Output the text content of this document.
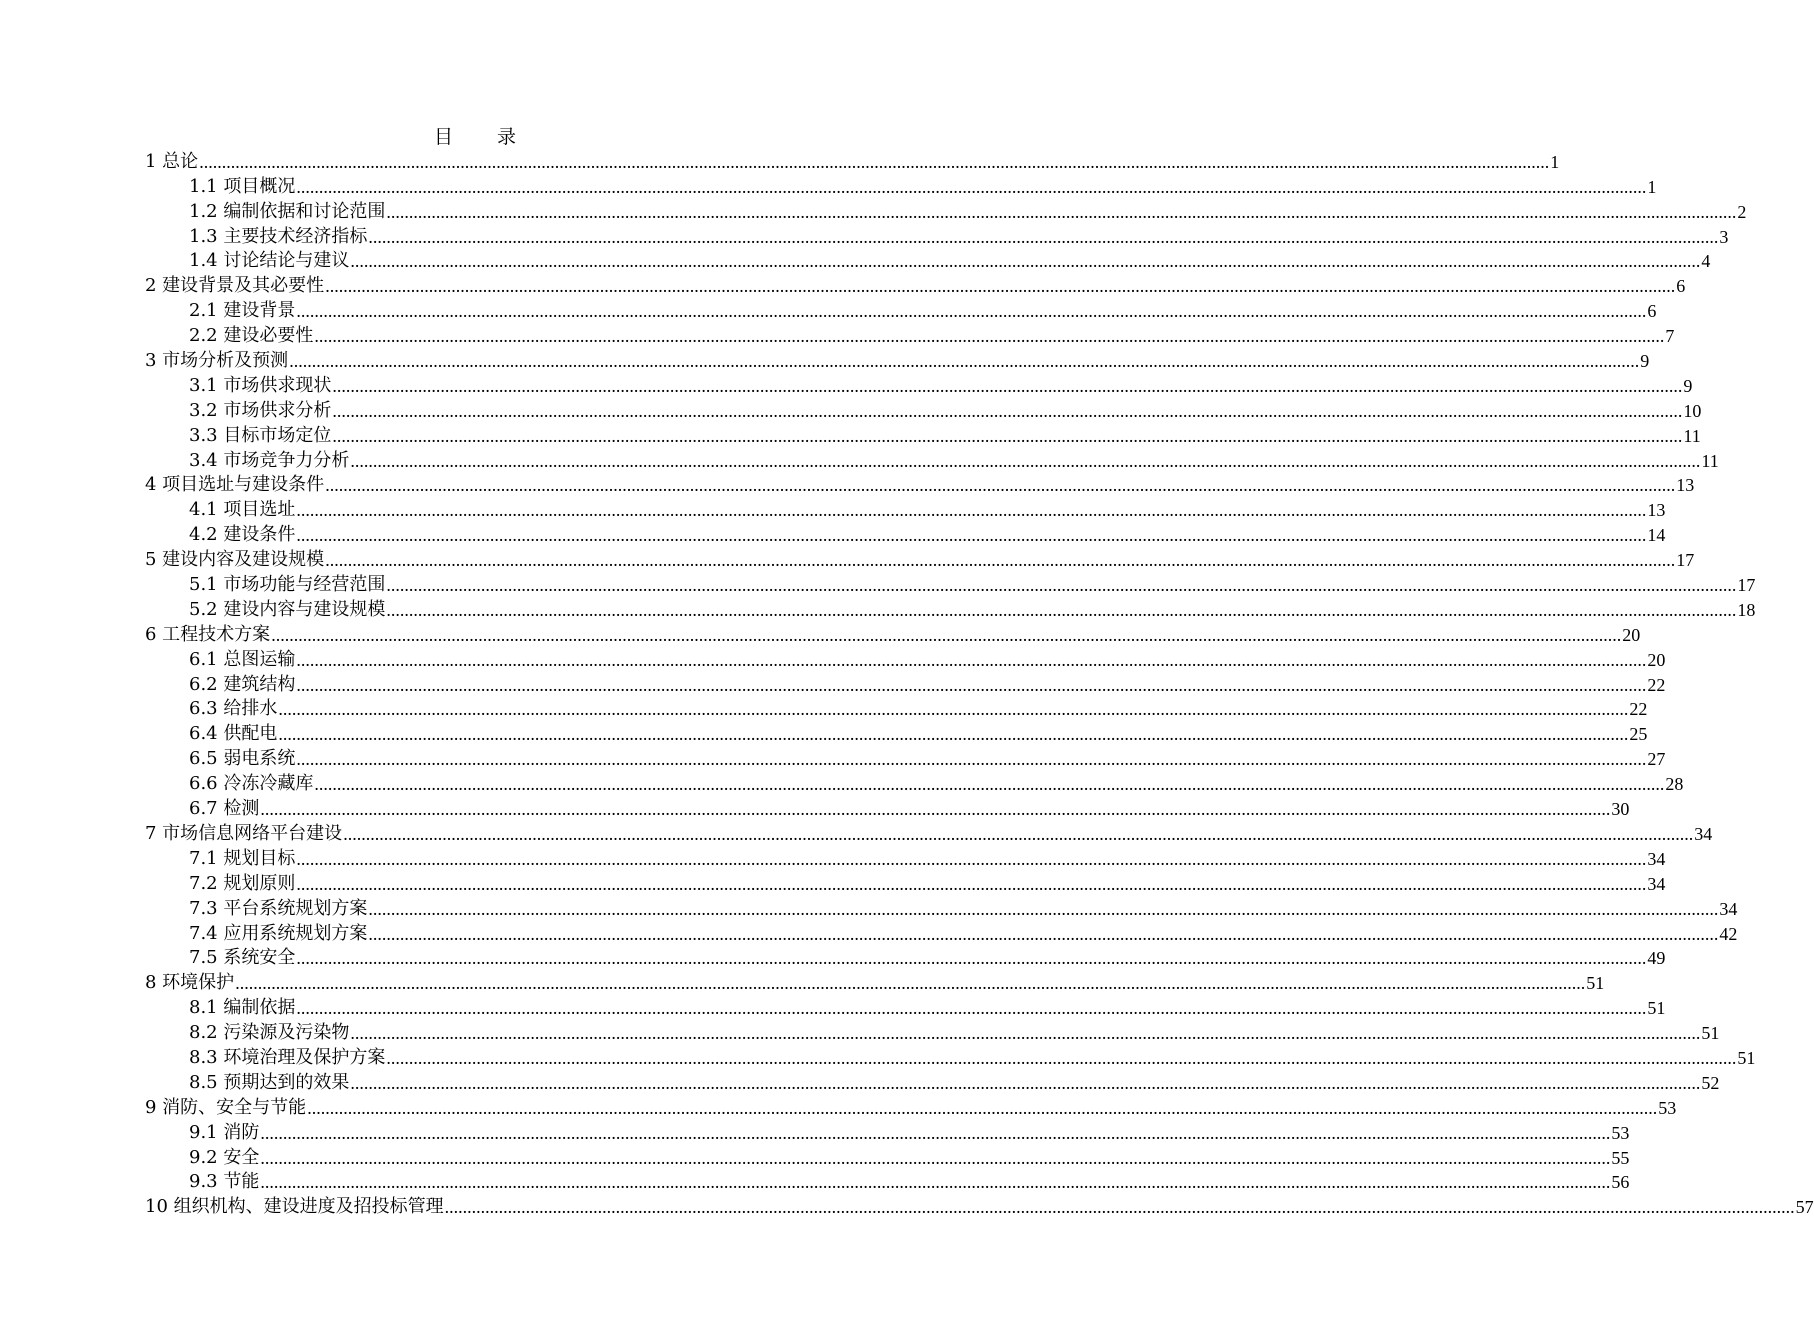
目 录
1 总论 ............................................................................................................................................................................................................................................................................................................ 1
1.1 项目概况 ............................................................................................................................................................................................................................................................................................................ 1
1.2 编制依据和讨论范围 ............................................................................................................................................................................................................................................................................................................ 2
1.3 主要技术经济指标 ............................................................................................................................................................................................................................................................................................................ 3
1.4 讨论结论与建议 ............................................................................................................................................................................................................................................................................................................ 4
2 建设背景及其必要性 ............................................................................................................................................................................................................................................................................................................ 6
2.1 建设背景 ............................................................................................................................................................................................................................................................................................................ 6
2.2 建设必要性 ............................................................................................................................................................................................................................................................................................................ 7
3 市场分析及预测 ............................................................................................................................................................................................................................................................................................................ 9
3.1 市场供求现状 ............................................................................................................................................................................................................................................................................................................ 9
3.2 市场供求分析 ............................................................................................................................................................................................................................................................................................................ 10
3.3 目标市场定位 ............................................................................................................................................................................................................................................................................................................ 11
3.4 市场竞争力分析 ............................................................................................................................................................................................................................................................................................................ 11
4 项目选址与建设条件 ............................................................................................................................................................................................................................................................................................................ 13
4.1 项目选址 ............................................................................................................................................................................................................................................................................................................ 13
4.2 建设条件 ............................................................................................................................................................................................................................................................................................................ 14
5 建设内容及建设规模 ............................................................................................................................................................................................................................................................................................................ 17
5.1 市场功能与经营范围 ............................................................................................................................................................................................................................................................................................................ 17
5.2 建设内容与建设规模 ............................................................................................................................................................................................................................................................................................................ 18
6 工程技术方案 ............................................................................................................................................................................................................................................................................................................ 20
6.1 总图运输 ............................................................................................................................................................................................................................................................................................................ 20
6.2 建筑结构 ............................................................................................................................................................................................................................................................................................................ 22
6.3 给排水 ............................................................................................................................................................................................................................................................................................................ 22
6.4 供配电 ............................................................................................................................................................................................................................................................................................................ 25
6.5 弱电系统 ............................................................................................................................................................................................................................................................................................................ 27
6.6 冷冻冷藏库 ............................................................................................................................................................................................................................................................................................................ 28
6.7 检测 ............................................................................................................................................................................................................................................................................................................ 30
7 市场信息网络平台建设 ............................................................................................................................................................................................................................................................................................................ 34
7.1 规划目标 ............................................................................................................................................................................................................................................................................................................ 34
7.2 规划原则 ............................................................................................................................................................................................................................................................................................................ 34
7.3 平台系统规划方案 ............................................................................................................................................................................................................................................................................................................ 34
7.4 应用系统规划方案 ............................................................................................................................................................................................................................................................................................................ 42
7.5 系统安全 ............................................................................................................................................................................................................................................................................................................ 49
8 环境保护 ............................................................................................................................................................................................................................................................................................................ 51
8.1 编制依据 ............................................................................................................................................................................................................................................................................................................ 51
8.2 污染源及污染物 ............................................................................................................................................................................................................................................................................................................ 51
8.3 环境治理及保护方案 ............................................................................................................................................................................................................................................................................................................ 51
8.5 预期达到的效果 ............................................................................................................................................................................................................................................................................................................ 52
9 消防、安全与节能 ............................................................................................................................................................................................................................................................................................................ 53
9.1 消防 ............................................................................................................................................................................................................................................................................................................ 53
9.2 安全 ............................................................................................................................................................................................................................................................................................................ 55
9.3 节能 ............................................................................................................................................................................................................................................................................................................ 56
10 组织机构、建设进度及招投标管理 ............................................................................................................................................................................................................................................................................................................ 57
